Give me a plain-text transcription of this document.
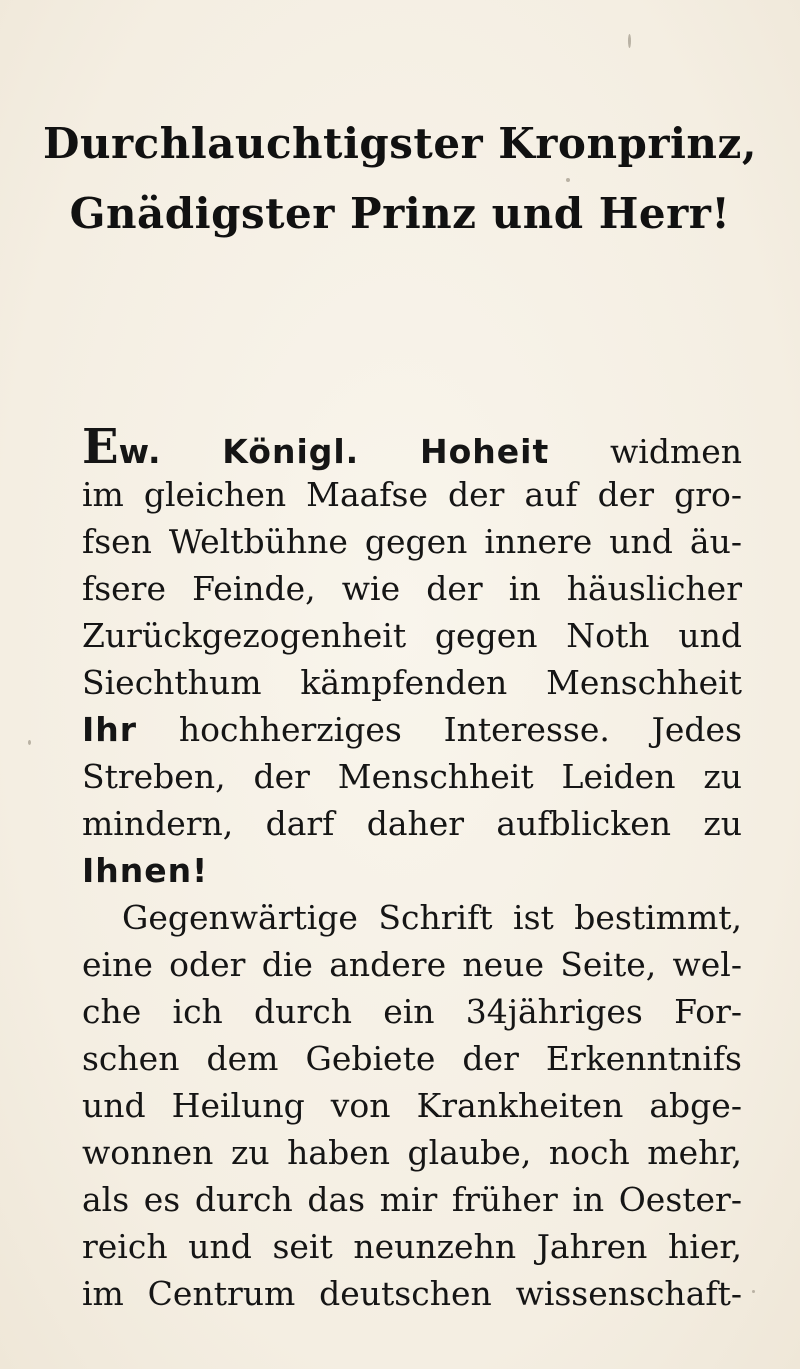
Durchlauchtigster Kronprinz,
Gnädigster Prinz und Herr!
Ew. Königl. Hoheit widmen
im gleichen Maafse der auf der gro-
fsen Weltbühne gegen innere und äu-
fsere Feinde, wie der in häuslicher
Zurückgezogenheit gegen Noth und
Siechthum kämpfenden Menschheit
Ihr hochherziges Interesse. Jedes
Streben, der Menschheit Leiden zu
mindern, darf daher aufblicken zu
Ihnen!
Gegenwärtige Schrift ist bestimmt,
eine oder die andere neue Seite, wel-
che ich durch ein 34jähriges For-
schen dem Gebiete der Erkenntnifs
und Heilung von Krankheiten abge-
wonnen zu haben glaube, noch mehr,
als es durch das mir früher in Oester-
reich und seit neunzehn Jahren hier,
im Centrum deutschen wissenschaft-
